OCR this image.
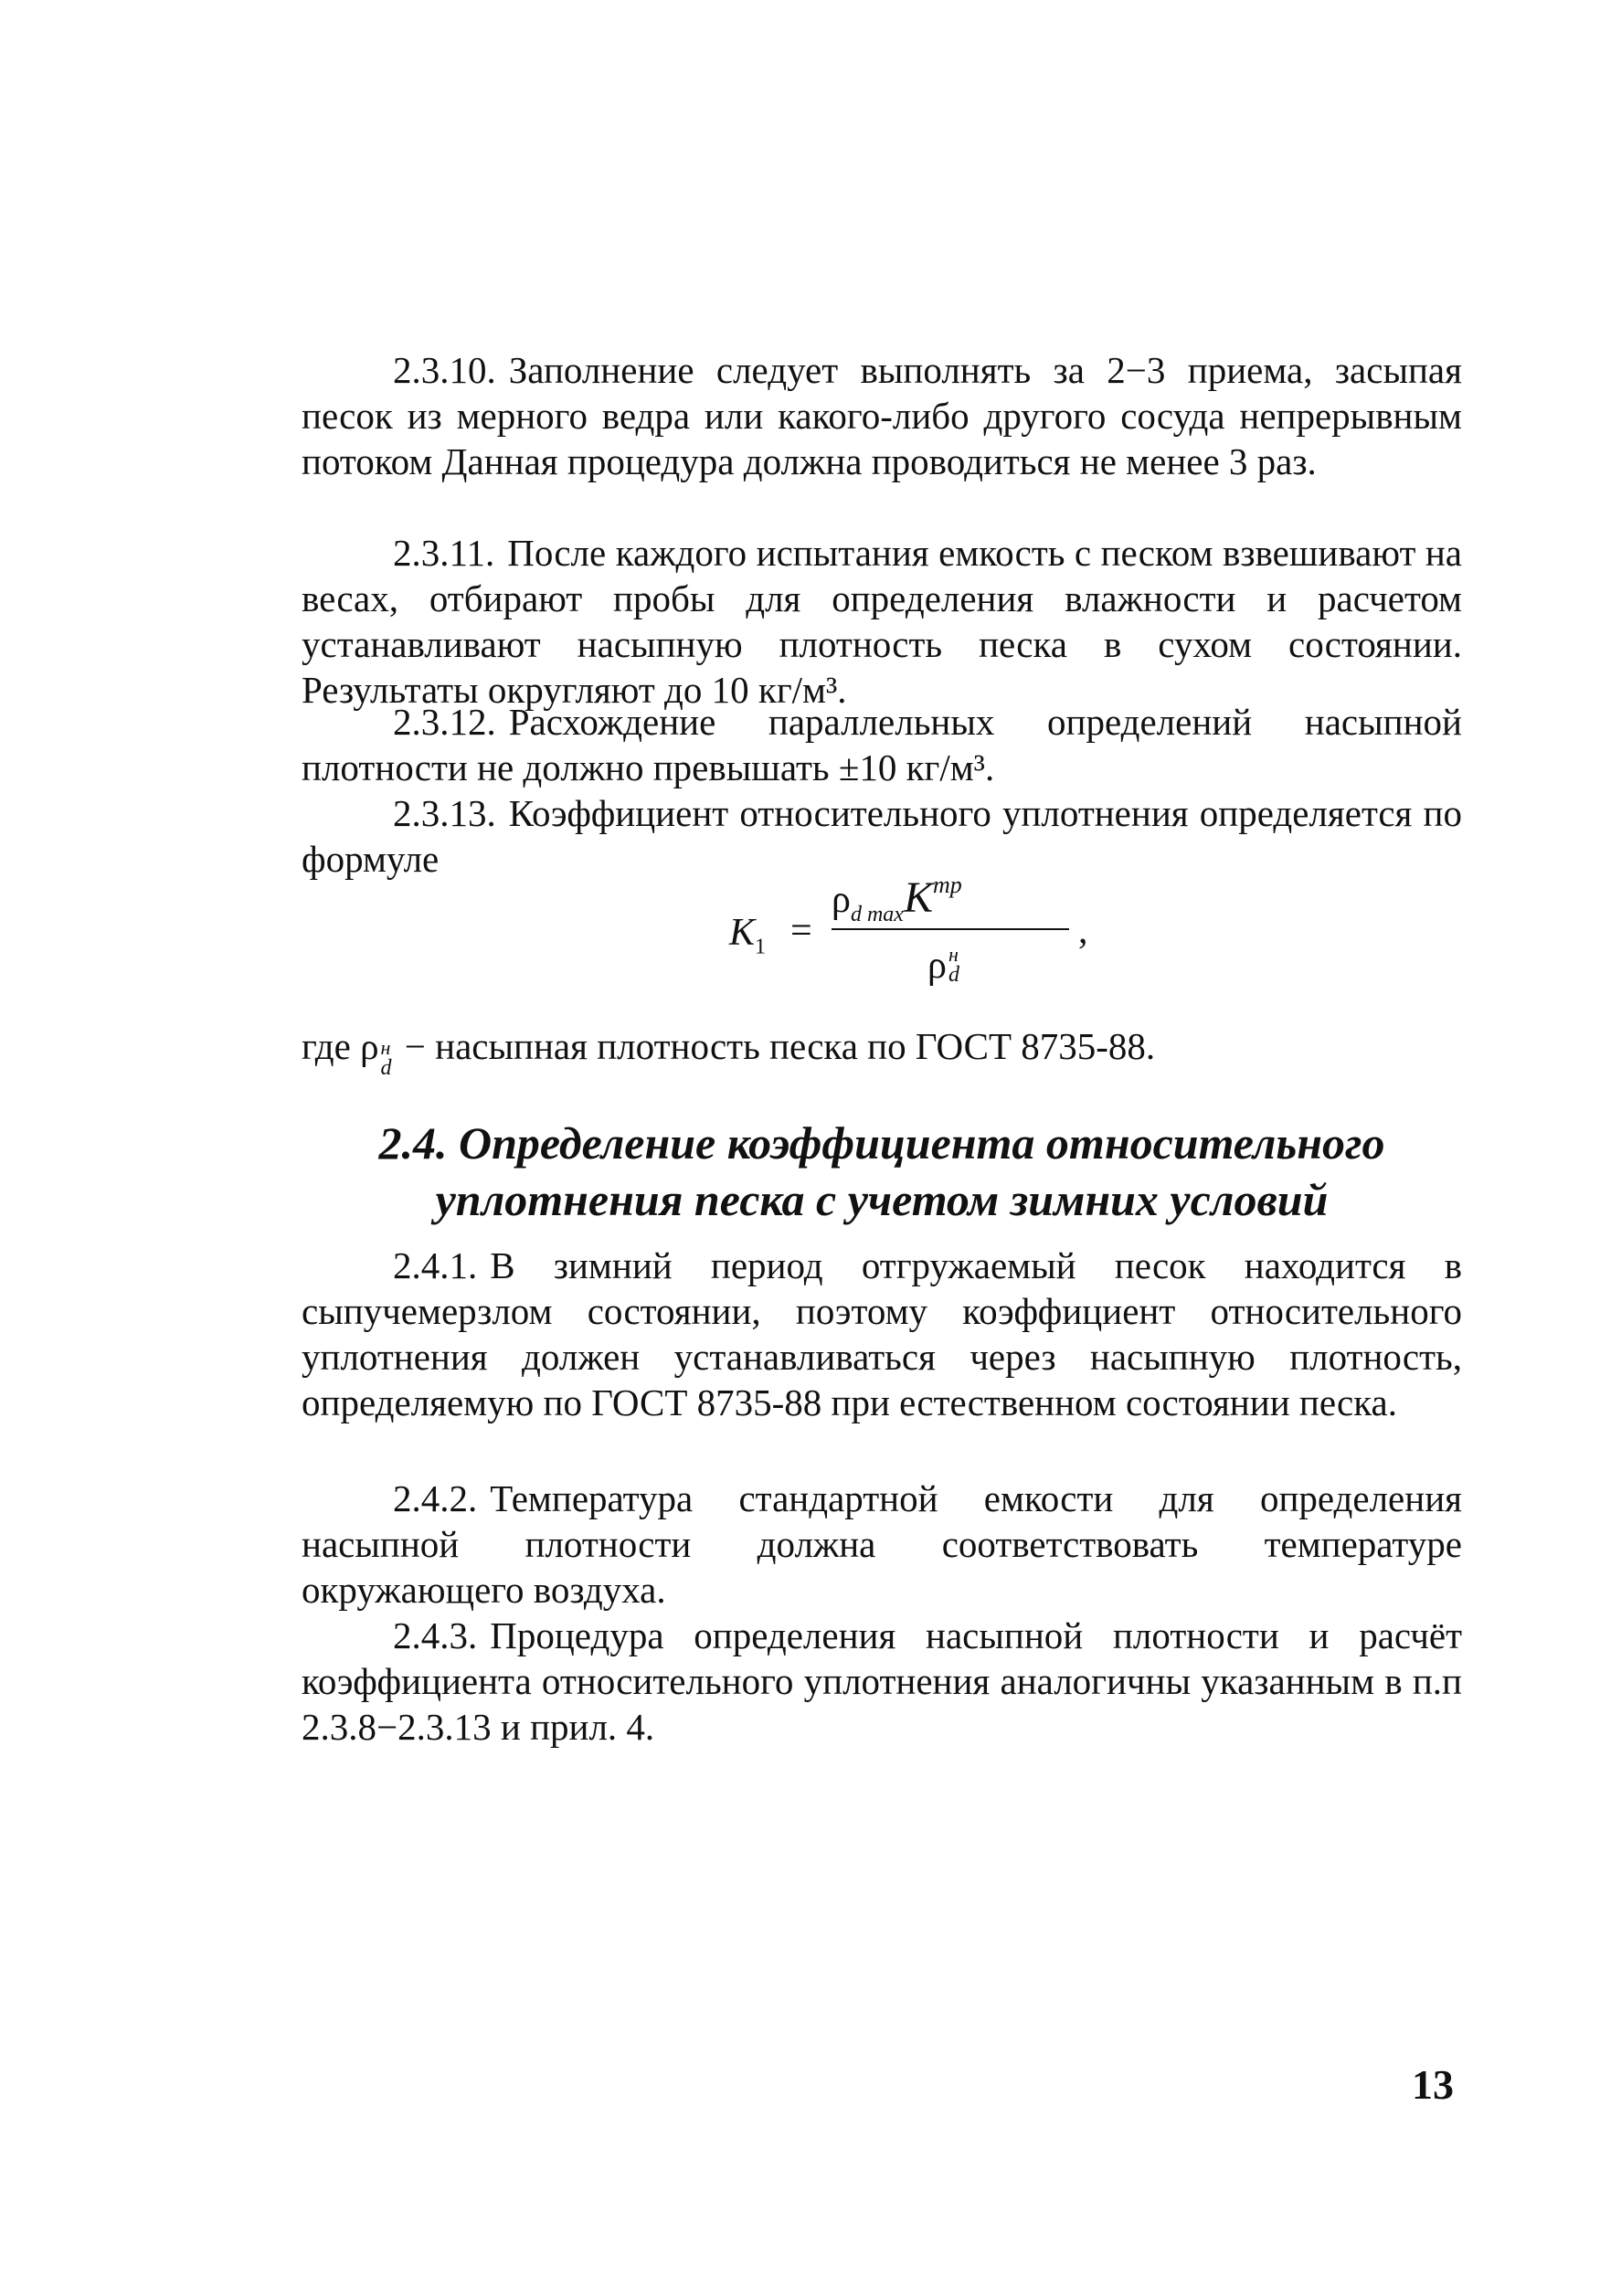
2.3.10. Заполнение следует выполнять за 2−3 приема, засыпая песок из мерного ведра или какого-либо другого сосуда непрерывным потоком Данная процедура должна проводиться не менее 3 раз.

2.3.11. После каждого испытания емкость с песком взвешивают на весах, отбирают пробы для определения влажности и расчетом устанавливают насыпную плотность песка в сухом состоянии. Результаты округляют до 10 кг/м³.

2.3.12. Расхождение параллельных определений насыпной плотности не должно превышать ±10 кг/м³.

2.3.13. Коэффициент относительного уплотнения определяется по формуле

$K_1$ =
$\rho_{d max}K^{mp}$
,
ρ н
d
где ρ н
d
− насыпная плотность песка по ГОСТ 8735-88.
2.4. Определение коэффициента относительного
уплотнения песка с учетом зимних условий

2.4.1. В зимний период отгружаемый песок находится в сыпучемерзлом состоянии, поэтому коэффициент относительного уплотнения должен устанавливаться через насыпную плотность, определяемую по ГОСТ 8735-88 при естественном состоянии песка.

2.4.2. Температура стандартной емкости для определения насыпной плотности должна соответствовать температуре окружающего воздуха.

2.4.3. Процедура определения насыпной плотности и расчёт коэффициента относительного уплотнения аналогичны указанным в п.п 2.3.8−2.3.13 и прил. 4.

13
